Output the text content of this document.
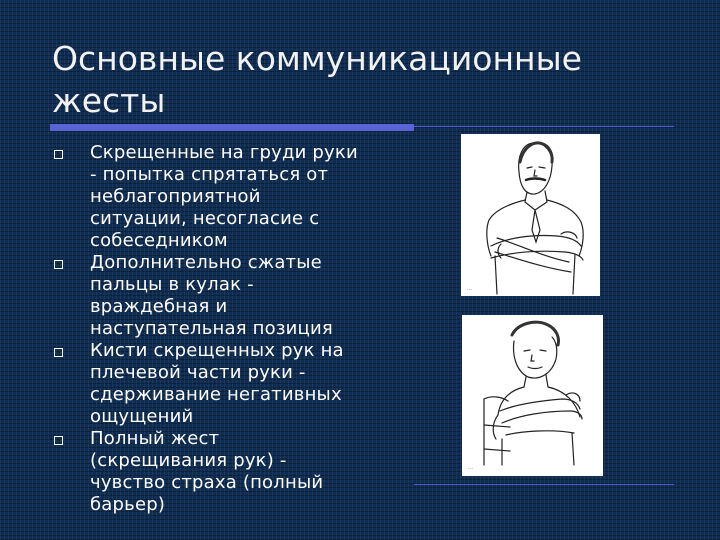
Основные коммуникационные жесты
Скрещенные на груди руки - попытка спрятаться от неблагоприятной ситуации, несогласие с собеседником
Дополнительно сжатые пальцы в кулак - враждебная и наступательная позиция
Кисти скрещенных рук на плечевой части руки - сдерживание негативных ощущений
Полный жест (скрещивания рук) - чувство страха (полный барьер)
…
…
